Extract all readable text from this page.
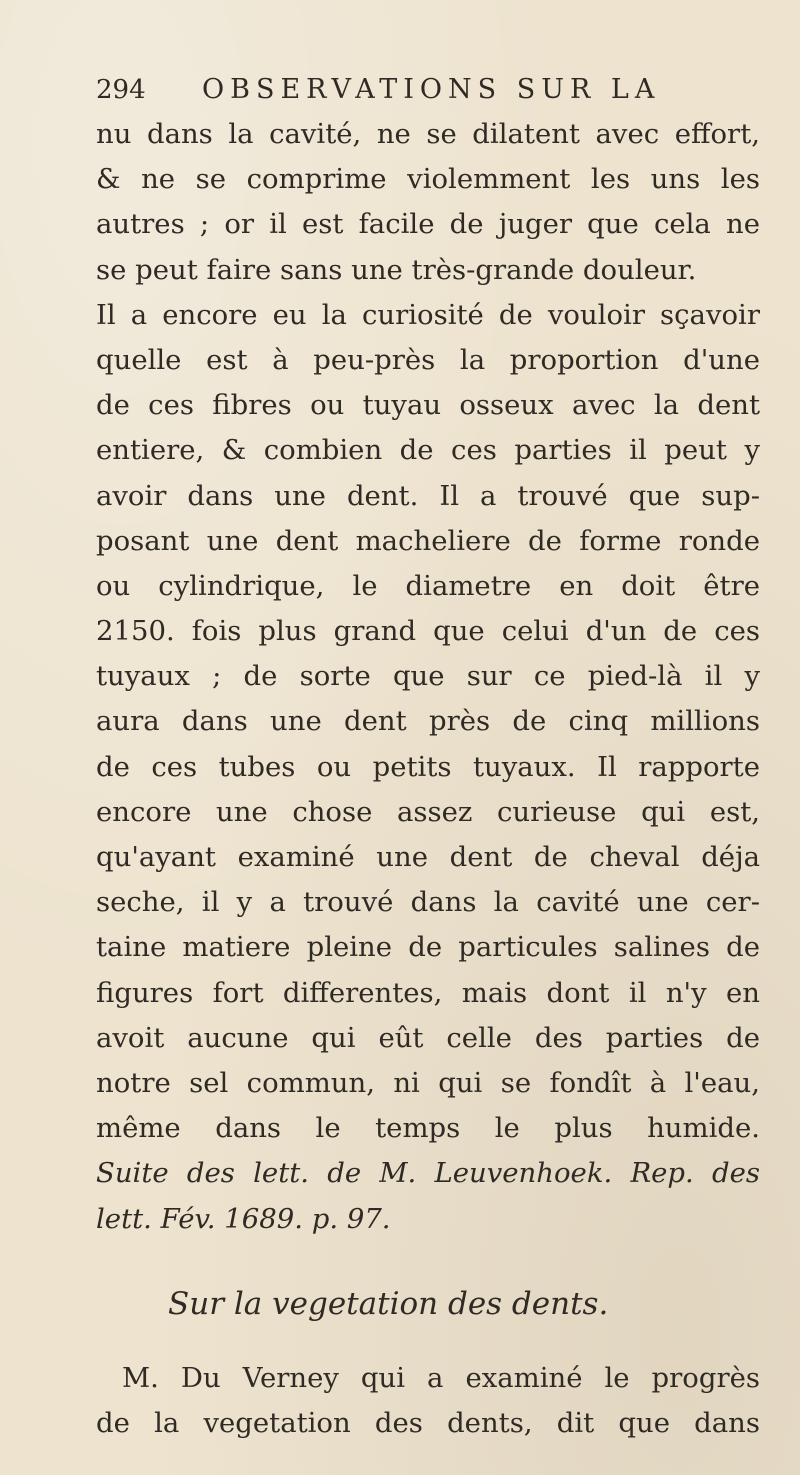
294	OBSERVATIONS SUR LA
nu dans la cavité, ne se dilatent avec effort,
& ne se comprime violemment les uns les
autres ; or il est facile de juger que cela ne
se peut faire sans une très-grande douleur.
Il a encore eu la curiosité de vouloir sçavoir
quelle est à peu-près la proportion d'une
de ces fibres ou tuyau osseux avec la dent
entiere, & combien de ces parties il peut y
avoir dans une dent. Il a trouvé que sup-
posant une dent macheliere de forme ronde
ou cylindrique, le diametre en doit être
2150. fois plus grand que celui d'un de ces
tuyaux ; de sorte que sur ce pied-là il y
aura dans une dent près de cinq millions
de ces tubes ou petits tuyaux. Il rapporte
encore une chose assez curieuse qui est,
qu'ayant examiné une dent de cheval déja
seche, il y a trouvé dans la cavité une cer-
taine matiere pleine de particules salines de
figures fort differentes, mais dont il n'y en
avoit aucune qui eût celle des parties de
notre sel commun, ni qui se fondît à l'eau,
même dans le temps le plus humide.
Suite des lett. de M. Leuvenhoek. Rep. des
lett. Fév. 1689. p. 97.
Sur la vegetation des dents.
M. Du Verney qui a examiné le progrès
de la vegetation des dents, dit que dans
